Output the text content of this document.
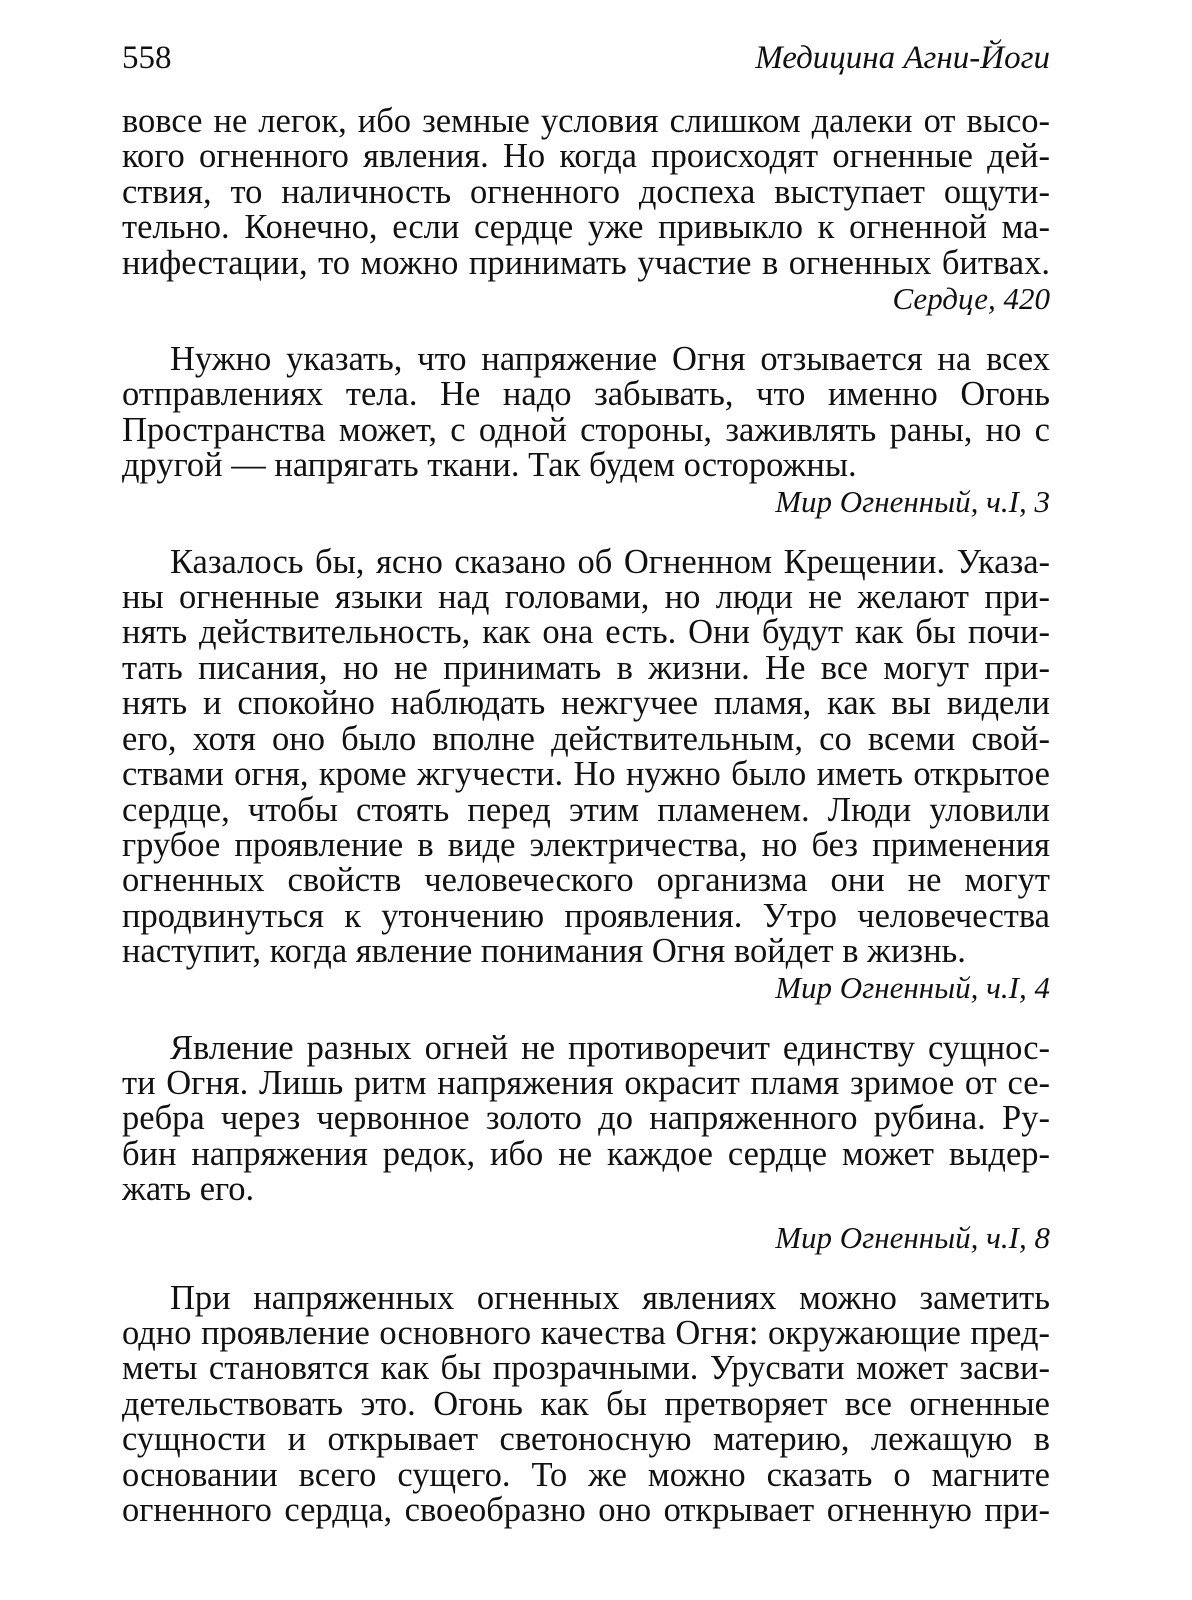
558	Медицина Агни-Йоги

вовсе не легок, ибо земные условия слишком далеки от высо-
кого огненного явления. Но когда происходят огненные дей-
ствия, то наличность огненного доспеха выступает ощути-
тельно. Конечно, если сердце уже привыкло к огненной ма-
нифестации, то можно принимать участие в огненных битвах.

Сердце, 420

Нужно указать, что напряжение Огня отзывается на всех
отправлениях тела. Не надо забывать, что именно Огонь
Пространства может, с одной стороны, заживлять раны, но с
другой — напрягать ткани. Так будем осторожны.

Мир Огненный, ч.I, 3

Казалось бы, ясно сказано об Огненном Крещении. Указа-
ны огненные языки над головами, но люди не желают при-
нять действительность, как она есть. Они будут как бы почи-
тать писания, но не принимать в жизни. Не все могут при-
нять и спокойно наблюдать нежгучее пламя, как вы видели
его, хотя оно было вполне действительным, со всеми свой-
ствами огня, кроме жгучести. Но нужно было иметь открытое
сердце, чтобы стоять перед этим пламенем. Люди уловили
грубое проявление в виде электричества, но без применения
огненных свойств человеческого организма они не могут
продвинуться к утончению проявления. Утро человечества
наступит, когда явление понимания Огня войдет в жизнь.

Мир Огненный, ч.I, 4

Явление разных огней не противоречит единству сущнос-
ти Огня. Лишь ритм напряжения окрасит пламя зримое от се-
ребра через червонное золото до напряженного рубина. Ру-
бин напряжения редок, ибо не каждое сердце может выдер-
жать его.

Мир Огненный, ч.I, 8

При напряженных огненных явлениях можно заметить
одно проявление основного качества Огня: окружающие пред-
меты становятся как бы прозрачными. Урусвати может засви-
детельствовать это. Огонь как бы претворяет все огненные
сущности и открывает светоносную материю, лежащую в
основании всего сущего. То же можно сказать о магните
огненного сердца, своеобразно оно открывает огненную при-
